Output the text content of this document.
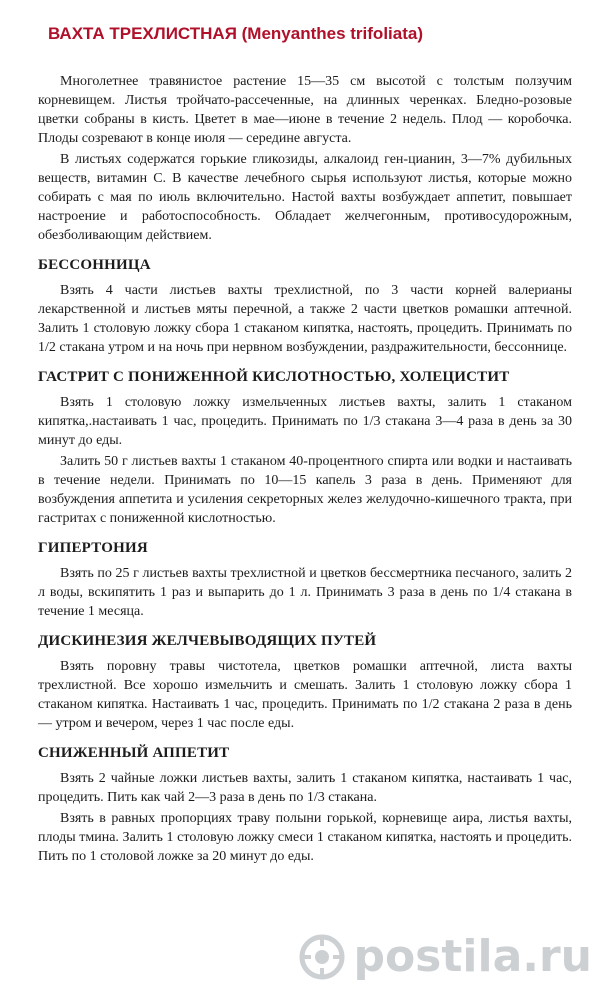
ВАХТА ТРЕХЛИСТНАЯ (Menyanthes trifoliata)

Многолетнее травянистое растение 15—35 см высотой с толстым ползучим корневищем. Листья тройчато-рассеченные, на длинных черенках. Бледно-розовые цветки собраны в кисть. Цветет в мае—июне в течение 2 недель. Плод — коробочка. Плоды созревают в конце июля — середине августа.

В листьях содержатся горькие гликозиды, алкалоид ген-цианин, 3—7% дубильных веществ, витамин С. В качестве лечебного сырья используют листья, которые можно собирать с мая по июль включительно. Настой вахты возбуждает аппетит, повышает настроение и работоспособность. Обладает желчегонным, противосудорожным, обезболивающим действием.

БЕССОННИЦА

Взять 4 части листьев вахты трехлистной, по 3 части корней валерианы лекарственной и листьев мяты перечной, а также 2 части цветков ромашки аптечной. Залить 1 столовую ложку сбора 1 стаканом кипятка, настоять, процедить. Принимать по 1/2 стакана утром и на ночь при нервном возбуждении, раздражительности, бессоннице.

ГАСТРИТ С ПОНИЖЕННОЙ КИСЛОТНОСТЬЮ, ХОЛЕЦИСТИТ

Взять 1 столовую ложку измельченных листьев вахты, залить 1 стаканом кипятка,.настаивать 1 час, процедить. Принимать по 1/3 стакана 3—4 раза в день за 30 минут до еды.

Залить 50 г листьев вахты 1 стаканом 40-процентного спирта или водки и настаивать в течение недели. Принимать по 10—15 капель 3 раза в день. Применяют для возбуждения аппетита и усиления секреторных желез желудочно-кишечного тракта, при гастритах с пониженной кислотностью.

ГИПЕРТОНИЯ

Взять по 25 г листьев вахты трехлистной и цветков бессмертника песчаного, залить 2 л воды, вскипятить 1 раз и выпарить до 1 л. Принимать 3 раза в день по 1/4 стакана в течение 1 месяца.

ДИСКИНЕЗИЯ ЖЕЛЧЕВЫВОДЯЩИХ ПУТЕЙ

Взять поровну травы чистотела, цветков ромашки аптечной, листа вахты трехлистной. Все хорошо измельчить и смешать. Залить 1 столовую ложку сбора 1 стаканом кипятка. Настаивать 1 час, процедить. Принимать по 1/2 стакана 2 раза в день — утром и вечером, через 1 час после еды.

СНИЖЕННЫЙ АППЕТИТ

Взять 2 чайные ложки листьев вахты, залить 1 стаканом кипятка, настаивать 1 час, процедить. Пить как чай 2—3 раза в день по 1/3 стакана.

Взять в равных пропорциях траву полыни горькой, корневище аира, листья вахты, плоды тмина. Залить 1 столовую ложку смеси 1 стаканом кипятка, настоять и процедить. Пить по 1 столовой ложке за 20 минут до еды.

postila.ru
